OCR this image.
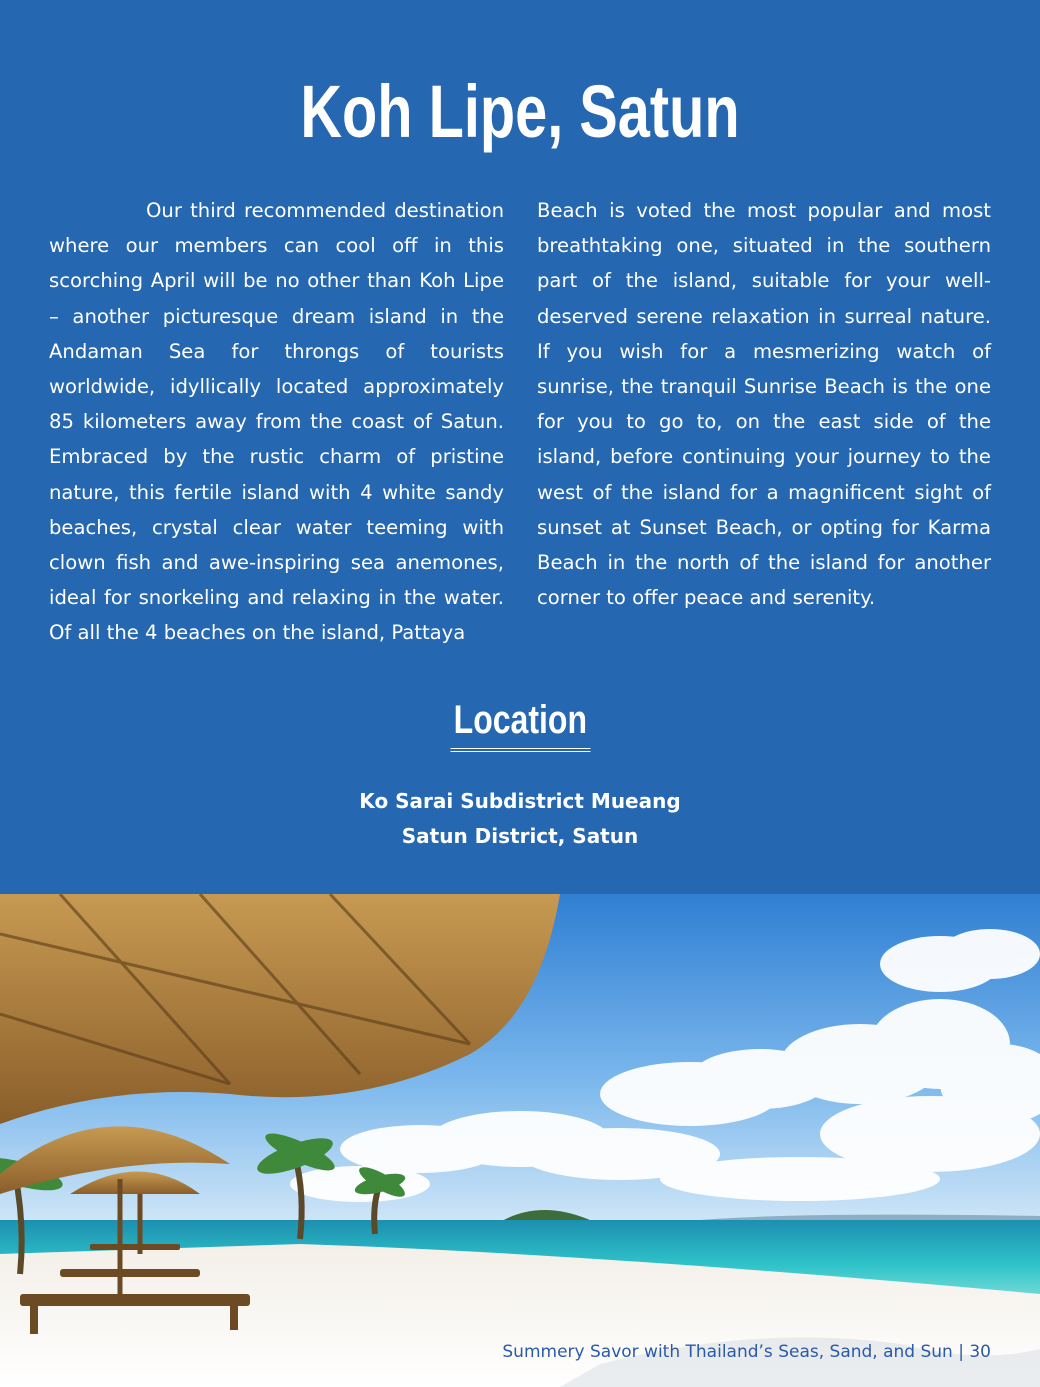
Koh Lipe, Satun

Our third recommended destination where our members can cool off in this scorching April will be no other than Koh Lipe – another picturesque dream island in the Andaman Sea for throngs of tourists worldwide, idyllically located approximately 85 kilometers away from the coast of Satun. Embraced by the rustic charm of pristine nature, this fertile island with 4 white sandy beaches, crystal clear water teeming with clown fish and awe-inspiring sea anemones, ideal for snorkeling and relaxing in the water. Of all the 4 beaches on the island, Pattaya

Beach is voted the most popular and most breathtaking one, situated in the southern part of the island, suitable for your well-deserved serene relaxation in surreal nature. If you wish for a mesmerizing watch of sunrise, the tranquil Sunrise Beach is the one for you to go to, on the east side of the island, before continuing your journey to the west of the island for a magnificent sight of sunset at Sunset Beach, or opting for Karma Beach in the north of the island for another corner to offer peace and serenity.

Location
Ko Sarai Subdistrict Mueang
Satun District, Satun
Summery Savor with Thailand’s Seas, Sand, and Sun | 30
